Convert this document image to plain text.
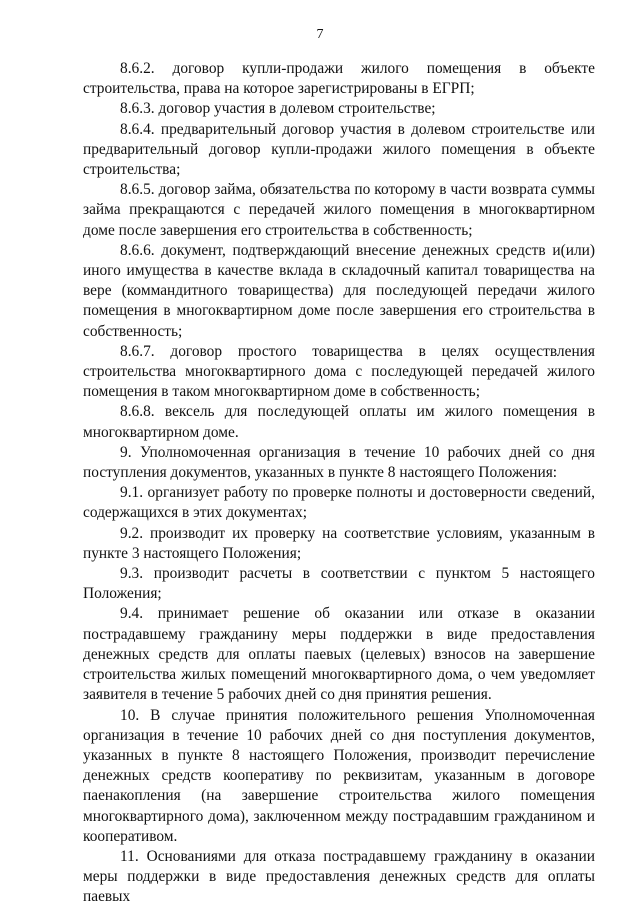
7

8.6.2. договор купли-продажи жилого помещения в объекте строительства, права на которое зарегистрированы в ЕГРП;

8.6.3. договор участия в долевом строительстве;

8.6.4. предварительный договор участия в долевом строительстве или предварительный договор купли-продажи жилого помещения в объекте строительства;

8.6.5. договор займа, обязательства по которому в части возврата суммы займа прекращаются с передачей жилого помещения в многоквартирном доме после завершения его строительства в собственность;

8.6.6. документ, подтверждающий внесение денежных средств и(или) иного имущества в качестве вклада в складочный капитал товарищества на вере (коммандитного товарищества) для последующей передачи жилого помещения в многоквартирном доме после завершения его строительства в собственность;

8.6.7. договор простого товарищества в целях осуществления строительства многоквартирного дома с последующей передачей жилого помещения в таком многоквартирном доме в собственность;

8.6.8. вексель для последующей оплаты им жилого помещения в многоквартирном доме.

9. Уполномоченная организация в течение 10 рабочих дней со дня поступления документов, указанных в пункте 8 настоящего Положения:

9.1. организует работу по проверке полноты и достоверности сведений, содержащихся в этих документах;

9.2. производит их проверку на соответствие условиям, указанным в пункте 3 настоящего Положения;

9.3. производит расчеты в соответствии с пунктом 5 настоящего Положения;

9.4. принимает решение об оказании или отказе в оказании пострадавшему гражданину меры поддержки в виде предоставления денежных средств для оплаты паевых (целевых) взносов на завершение строительства жилых помещений многоквартирного дома, о чем уведомляет заявителя в течение 5 рабочих дней со дня принятия решения.

10. В случае принятия положительного решения Уполномоченная организация в течение 10 рабочих дней со дня поступления документов, указанных в пункте 8 настоящего Положения, производит перечисление денежных средств кооперативу по реквизитам, указанным в договоре паенакопления (на завершение строительства жилого помещения многоквартирного дома), заключенном между пострадавшим гражданином и кооперативом.

11. Основаниями для отказа пострадавшему гражданину в оказании меры поддержки в виде предоставления денежных средств для оплаты паевых
